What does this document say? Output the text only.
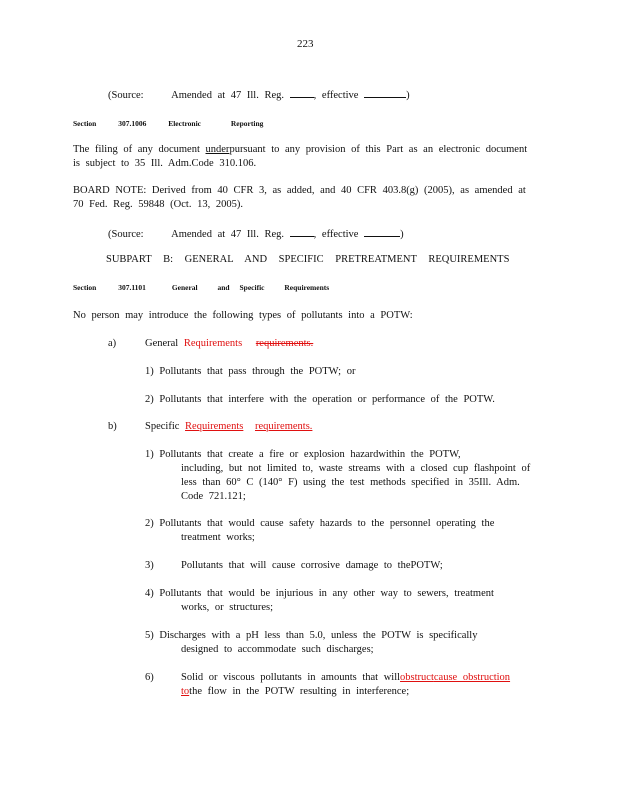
223
(Source:	Amended at 47 Ill. Reg.	, effective	)
Section	307.1006	Electronic	Reporting
The filing of any document underpursuant to any provision of this Part as an electronic document
is subject to 35 Ill. Adm.Code 310.106.
BOARD NOTE: Derived from 40 CFR 3, as added, and 40 CFR 403.8(g) (2005), as amended at
70 Fed. Reg. 59848 (Oct. 13, 2005).
(Source:	Amended at 47 Ill. Reg.	, effective	)
SUBPART B: GENERAL AND SPECIFIC PRETREATMENT REQUIREMENTS
Section	307.1101	General	and Specific	Requirements
No person may introduce the following types of pollutants into a POTW:
a)	General Requirements requirements.
1) Pollutants that pass through the POTW; or
2) Pollutants that interfere with the operation or performance of the POTW.
b)	Specific Requirements requirements.
1) Pollutants that create a fire or explosion hazardwithin the POTW,
including, but not limited to, waste streams with a closed cup flashpoint of
less than 60° C (140° F) using the test methods specified in 35Ill. Adm.
Code 721.121;
2) Pollutants that would cause safety hazards to the personnel operating the
treatment works;
3)	Pollutants that will cause corrosive damage to thePOTW;
4) Pollutants that would be injurious in any other way to sewers, treatment
works, or structures;
5) Discharges with a pH less than 5.0, unless the POTW is specifically
designed to accommodate such discharges;
6)	Solid or viscous pollutants in amounts that willobstructcause obstruction
tothe flow in the POTW resulting in interference;
